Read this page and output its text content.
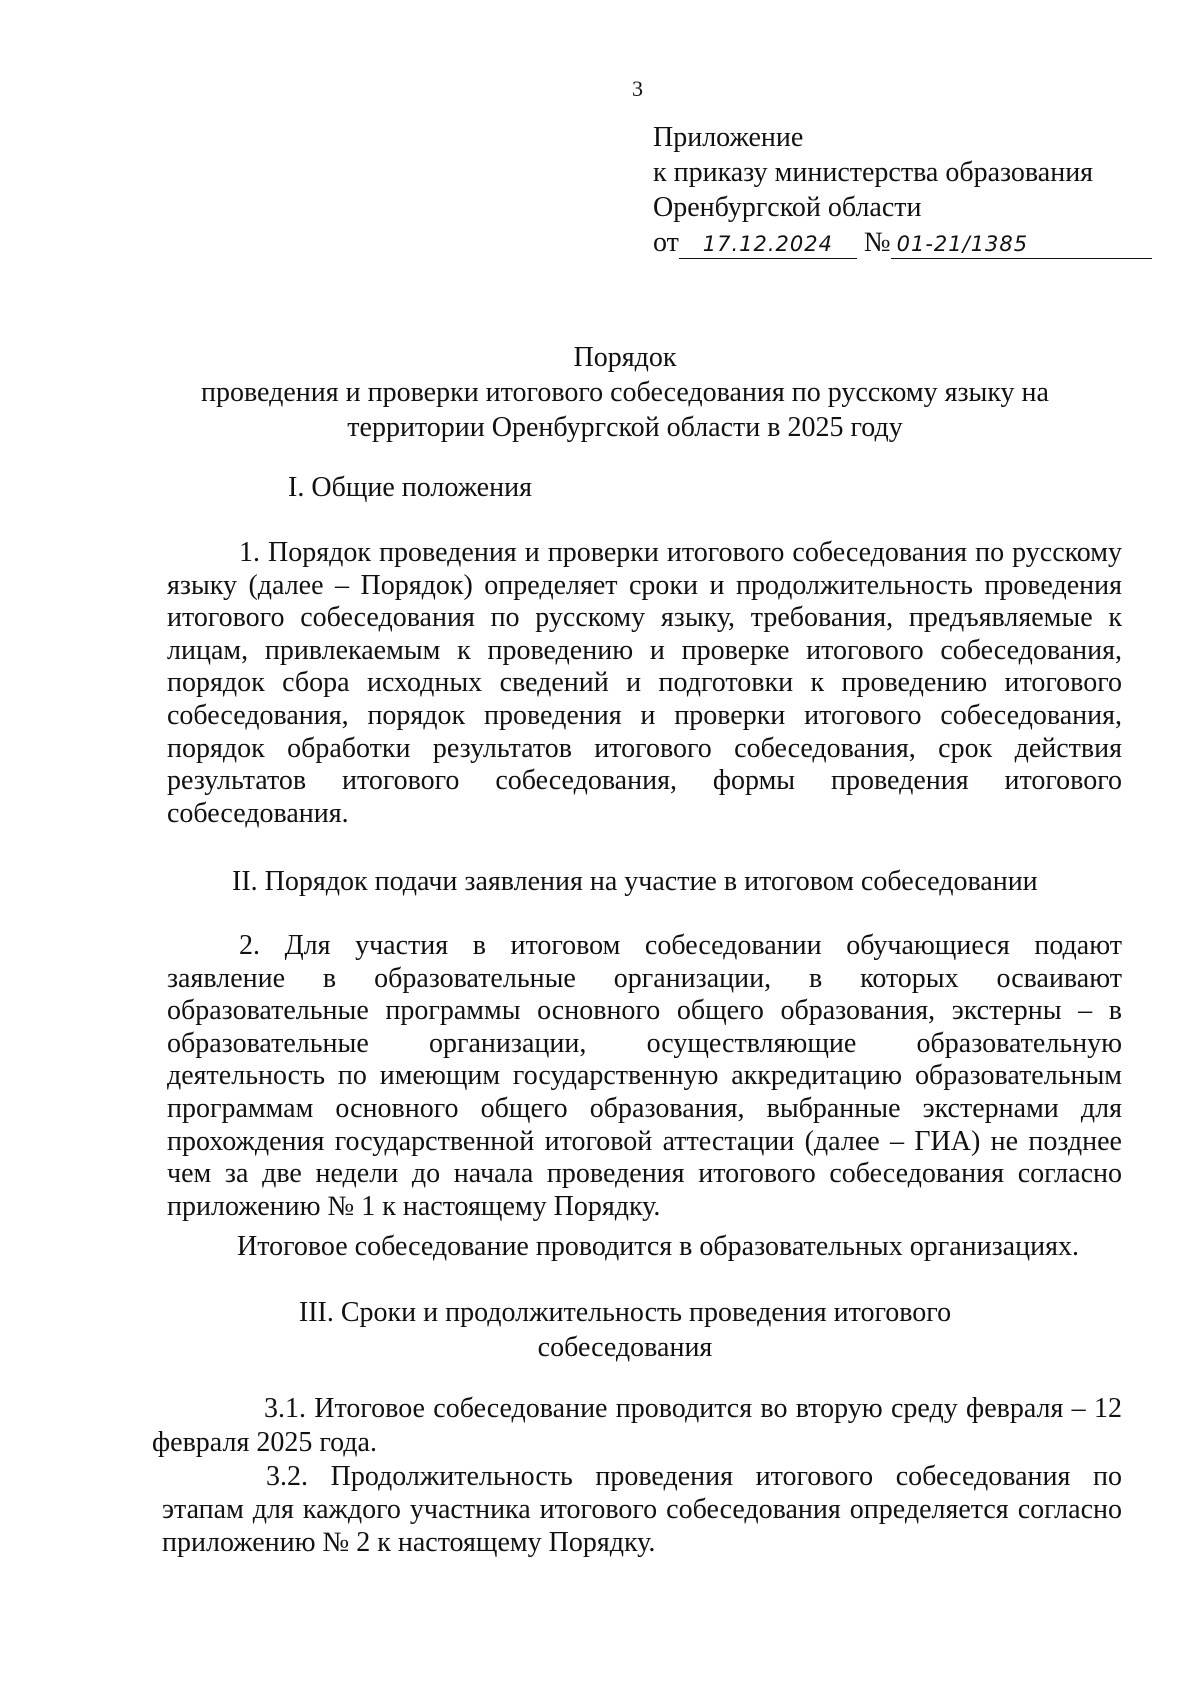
3
Приложение
к приказу министерства образования
Оренбургской области
от 17.12.2024 № 01-21/1385
Порядок
проведения и проверки итогового собеседования по русскому языку на
территории Оренбургской области в 2025 году
I. Общие положения
1. Порядок проведения и проверки итогового собеседования по русскому языку (далее – Порядок) определяет сроки и продолжительность проведения итогового собеседования по русскому языку, требования, предъявляемые к лицам, привлекаемым к проведению и проверке итогового собеседования, порядок сбора исходных сведений и подготовки к проведению итогового собеседования, порядок проведения и проверки итогового собеседования, порядок обработки результатов итогового собеседования, срок действия результатов итогового собеседования, формы проведения итогового собеседования.
II. Порядок подачи заявления на участие в итоговом собеседовании
2. Для участия в итоговом собеседовании обучающиеся подают заявление в образовательные организации, в которых осваивают образовательные программы основного общего образования, экстерны – в образовательные организации, осуществляющие образовательную деятельность по имеющим государственную аккредитацию образовательным программам основного общего образования, выбранные экстернами для прохождения государственной итоговой аттестации (далее – ГИА) не позднее чем за две недели до начала проведения итогового собеседования согласно приложению № 1 к настоящему Порядку.
Итоговое собеседование проводится в образовательных организациях.
III. Сроки и продолжительность проведения итогового
собеседования
3.1. Итоговое собеседование проводится во вторую среду февраля – 12 февраля 2025 года.
3.2. Продолжительность проведения итогового собеседования по этапам для каждого участника итогового собеседования определяется согласно приложению № 2 к настоящему Порядку.
